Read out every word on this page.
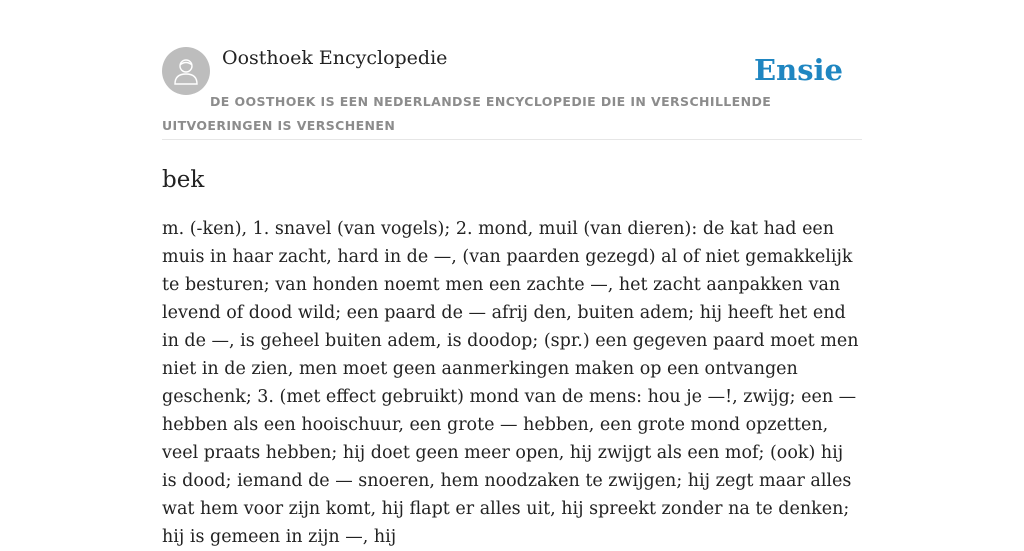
Oosthoek Encyclopedie	Ensie
DE OOSTHOEK IS EEN NEDERLANDSE ENCYCLOPEDIE DIE IN VERSCHILLENDE UITVOERINGEN IS VERSCHENEN
bek

m. (-ken), 1. snavel (van vogels); 2. mond, muil (van dieren): de kat had een muis in haar zacht, hard in de —, (van paarden gezegd) al of niet gemakkelijk te besturen; van honden noemt men een zachte —, het zacht aanpakken van levend of dood wild; een paard de — afrij den, buiten adem; hij heeft het end in de —, is geheel buiten adem, is doodop; (spr.) een gegeven paard moet men niet in de zien, men moet geen aanmerkingen maken op een ontvangen geschenk; 3. (met effect gebruikt) mond van de mens: hou je —!, zwijg; een — hebben als een hooischuur, een grote — hebben, een grote mond opzetten, veel praats hebben; hij doet geen meer open, hij zwijgt als een mof; (ook) hij is dood; iemand de — snoeren, hem noodzaken te zwijgen; hij zegt maar alles wat hem voor zijn komt, hij flapt er alles uit, hij spreekt zonder na te denken; hij is gemeen in zijn —, hij
